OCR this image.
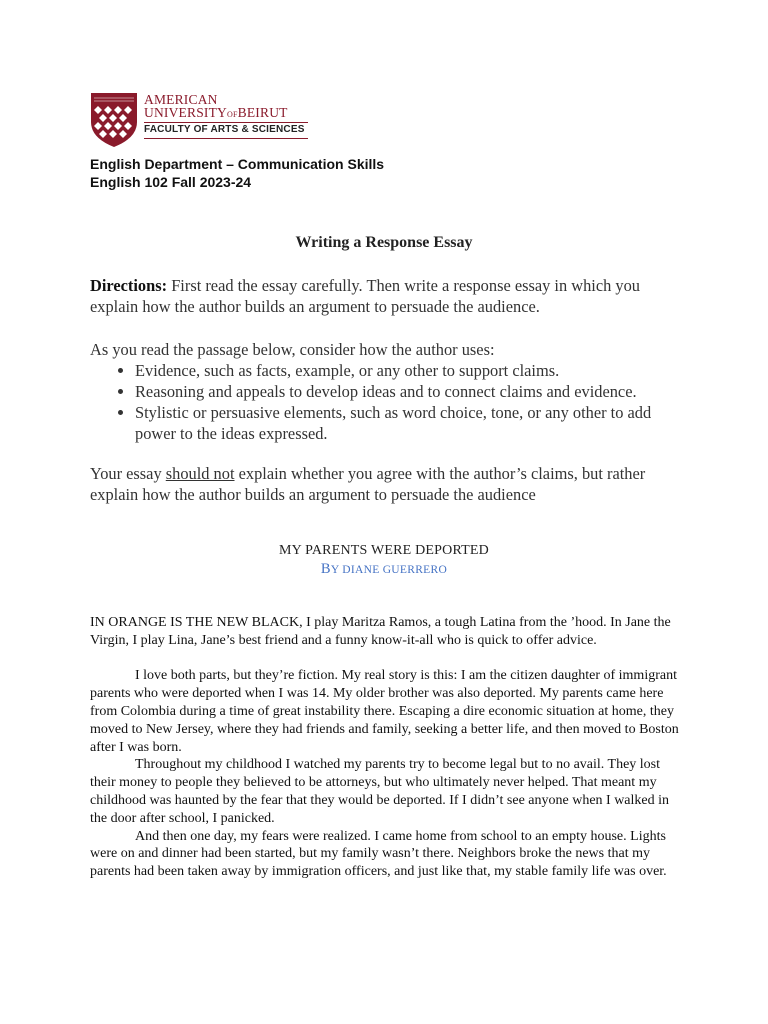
AMERICAN
UNIVERSITYOFBEIRUT
FACULTY OF ARTS & SCIENCES
English Department – Communication Skills
English 102 Fall 2023-24
Writing a Response Essay
Directions: First read the essay carefully. Then write a response essay in which you explain how the author builds an argument to persuade the audience.
As you read the passage below, consider how the author uses:
• Evidence, such as facts, example, or any other to support claims.
• Reasoning and appeals to develop ideas and to connect claims and evidence.
• Stylistic or persuasive elements, such as word choice, tone, or any other to add power to the ideas expressed.
Your essay should not explain whether you agree with the author’s claims, but rather explain how the author builds an argument to persuade the audience
MY PARENTS WERE DEPORTED
BY DIANE GUERRERO

IN ORANGE IS THE NEW BLACK, I play Maritza Ramos, a tough Latina from the ’hood. In Jane the Virgin, I play Lina, Jane’s best friend and a funny know-it-all who is quick to offer advice.

I love both parts, but they’re fiction. My real story is this: I am the citizen daughter of immigrant parents who were deported when I was 14. My older brother was also deported. My parents came here from Colombia during a time of great instability there. Escaping a dire economic situation at home, they moved to New Jersey, where they had friends and family, seeking a better life, and then moved to Boston after I was born.

Throughout my childhood I watched my parents try to become legal but to no avail. They lost their money to people they believed to be attorneys, but who ultimately never helped. That meant my childhood was haunted by the fear that they would be deported. If I didn’t see anyone when I walked in the door after school, I panicked.

And then one day, my fears were realized. I came home from school to an empty house. Lights were on and dinner had been started, but my family wasn’t there. Neighbors broke the news that my parents had been taken away by immigration officers, and just like that, my stable family life was over.
